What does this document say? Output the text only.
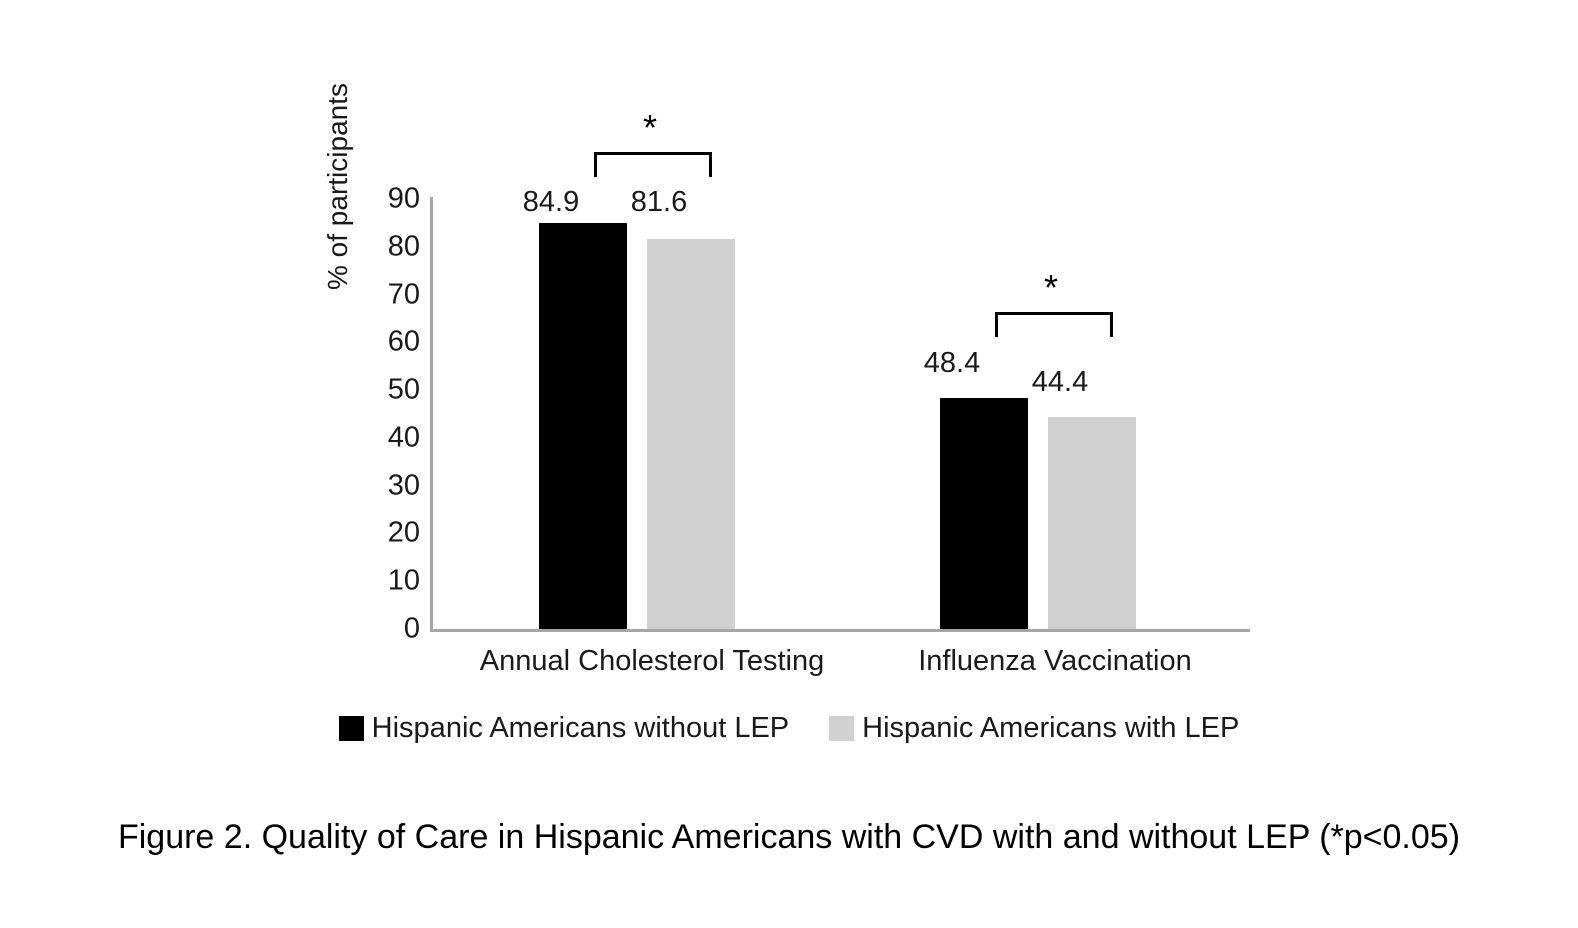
0
10
20
30
40
50
60
70
80
90
% of participants	84.9	81.6
48.4
44.4
*
*
Annual Cholesterol Testing	Influenza Vaccination
Hispanic Americans without LEP	Hispanic Americans with LEP
Figure 2. Quality of Care in Hispanic Americans with CVD with and without LEP (*p<0.05)
